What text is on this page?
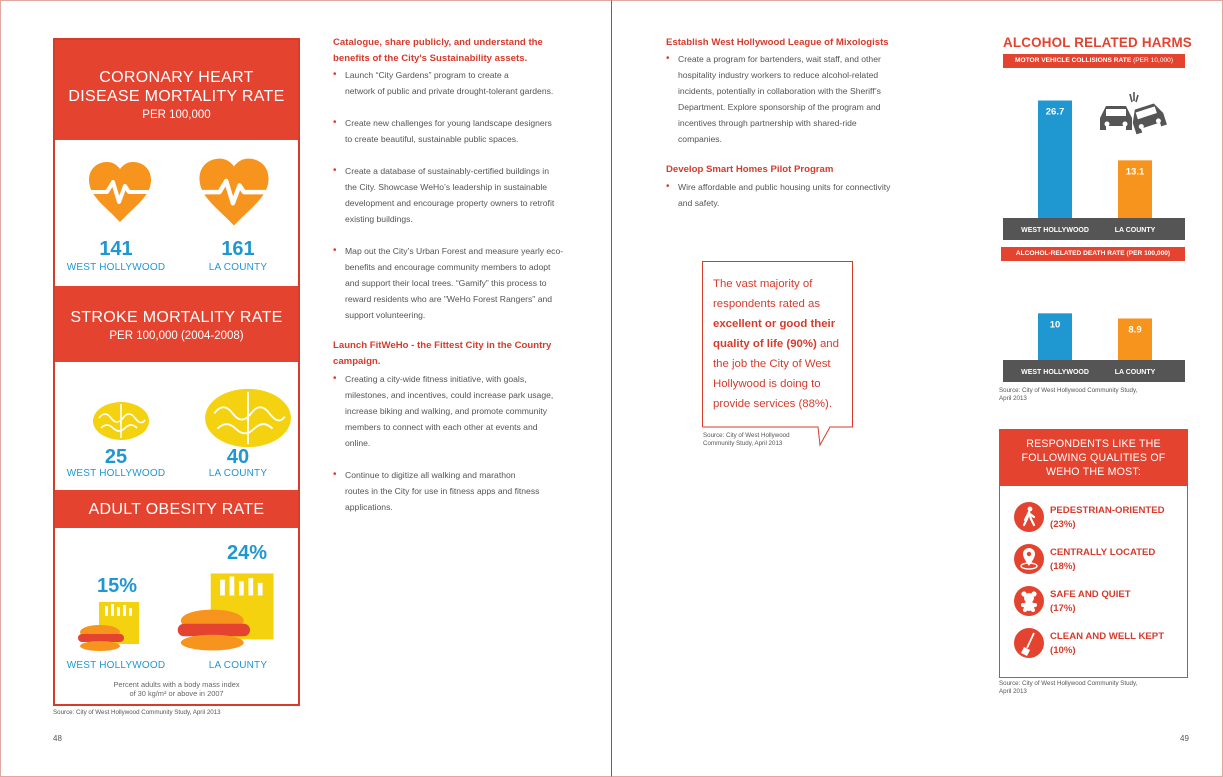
CORONARY HEART
DISEASE MORTALITY RATE
PER 100,000
141	161
WEST HOLLYWOOD	LA COUNTY
STROKE MORTALITY RATE
PER 100,000 (2004-2008)
25	40
WEST HOLLYWOOD	LA COUNTY
ADULT OBESITY RATE
24%
15%
WEST HOLLYWOOD	LA COUNTY
Percent adults with a body mass index
of 30 kg/m² or above in 2007
Source: City of West Hollywood Community Study, April 2013
48
Catalogue, share publicly, and understand the
benefits of the City's Sustainability assets.
• Launch “City Gardens” program to create a
network of public and private drought-tolerant gardens.
• Create new challenges for young landscape designers
to create beautiful, sustainable public spaces.
• Create a database of sustainably-certified buildings in
the City. Showcase WeHo’s leadership in sustainable
development and encourage property owners to retrofit
existing buildings.
• Map out the City’s Urban Forest and measure yearly eco-
benefits and encourage community members to adopt
and support their local trees. “Gamify” this process to
reward residents who are "WeHo Forest Rangers" and
support volunteering.
Launch FitWeHo - the Fittest City in the Country
campaign.
• Creating a city-wide fitness initiative, with goals,
milestones, and incentives, could increase park usage,
increase biking and walking, and promote community
members to connect with each other at events and
online.
• Continue to digitize all walking and marathon
routes in the City for use in fitness apps and fitness
applications.
Establish West Hollywood League of Mixologists
• Create a program for bartenders, wait staff, and other
hospitality industry workers to reduce alcohol-related
incidents, potentially in collaboration with the Sheriff’s
Department. Explore sponsorship of the program and
incentives through partnership with shared-ride
companies.
Develop Smart Homes Pilot Program
• Wire affordable and public housing units for connectivity
and safety.
The vast majority of
respondents rated as
excellent or good their
quality of life (90%) and
the job the City of West
Hollywood is doing to
provide services (88%).
Source: City of West Hollywood
Community Study, April 2013
ALCOHOL RELATED HARMS
MOTOR VEHICLE COLLISIONS RATE (PER 10,000)
26.7
WEST HOLLYWOOD
13.1
LA COUNTY
ALCOHOL-RELATED DEATH RATE (PER 100,000)
10
WEST HOLLYWOOD
8.9
LA COUNTY
Source: City of West Hollywood Community Study,
April 2013
RESPONDENTS LIKE THE
FOLLOWING QUALITIES OF
WEHO THE MOST:
PEDESTRIAN-ORIENTED
(23%)
CENTRALLY LOCATED
(18%)
SAFE AND QUIET
(17%)
CLEAN AND WELL KEPT
(10%)
Source: City of West Hollywood Community Study,
April 2013
49
